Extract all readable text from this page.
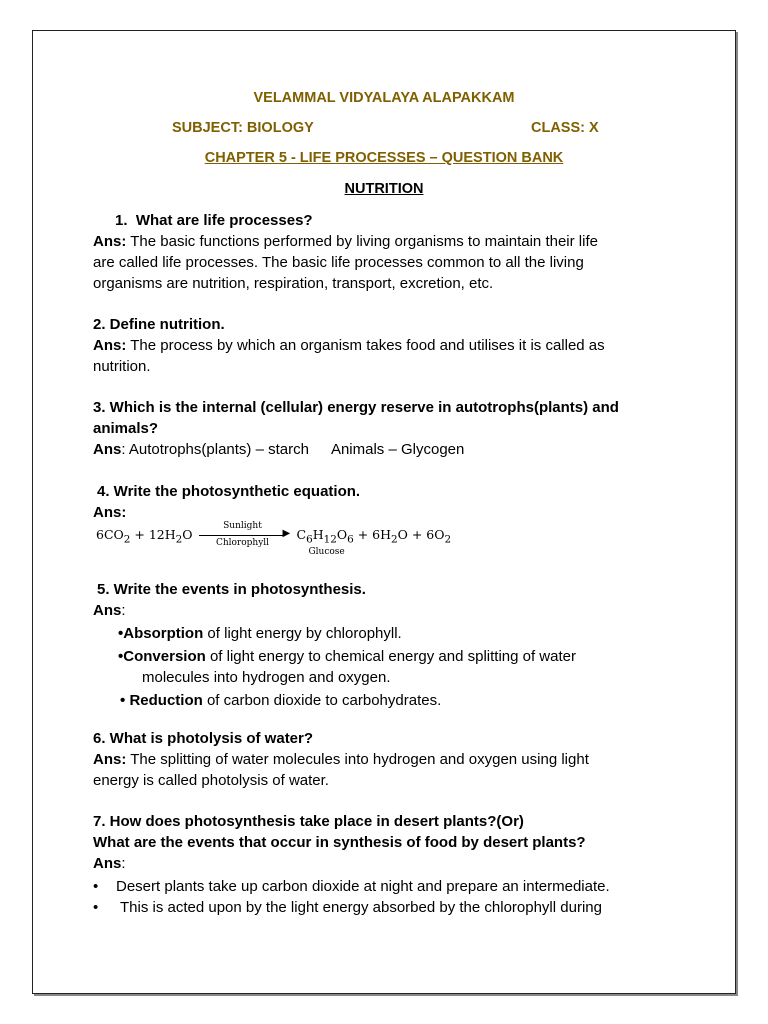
VELAMMAL VIDYALAYA ALAPAKKAM
SUBJECT: BIOLOGY	CLASS: X
CHAPTER 5 - LIFE PROCESSES – QUESTION BANK
NUTRITION
1. What are life processes?
Ans: The basic functions performed by living organisms to maintain their life
are called life processes. The basic life processes common to all the living
organisms are nutrition, respiration, transport, excretion, etc.
2. Define nutrition.
Ans: The process by which an organism takes food and utilises it is called as
nutrition.
3. Which is the internal (cellular) energy reserve in autotrophs(plants) and
animals?
Ans: Autotrophs(plants) – starch Animals – Glycogen
4. Write the photosynthetic equation.
Ans:
$6CO_2 + 12H_2O$
Sunlight
▶
Chlorophyll
$C_6H_{12}O_6$
Glucose
+ $6H_2O + 6O_2$
5. Write the events in photosynthesis.
Ans:
•Absorption of light energy by chlorophyll.
•Conversion of light energy to chemical energy and splitting of water
molecules into hydrogen and oxygen.
• Reduction of carbon dioxide to carbohydrates.
6. What is photolysis of water?
Ans: The splitting of water molecules into hydrogen and oxygen using light
energy is called photolysis of water.
7. How does photosynthesis take place in desert plants?(Or)
What are the events that occur in synthesis of food by desert plants?
Ans:
• Desert plants take up carbon dioxide at night and prepare an intermediate.
• This is acted upon by the light energy absorbed by the chlorophyll during
